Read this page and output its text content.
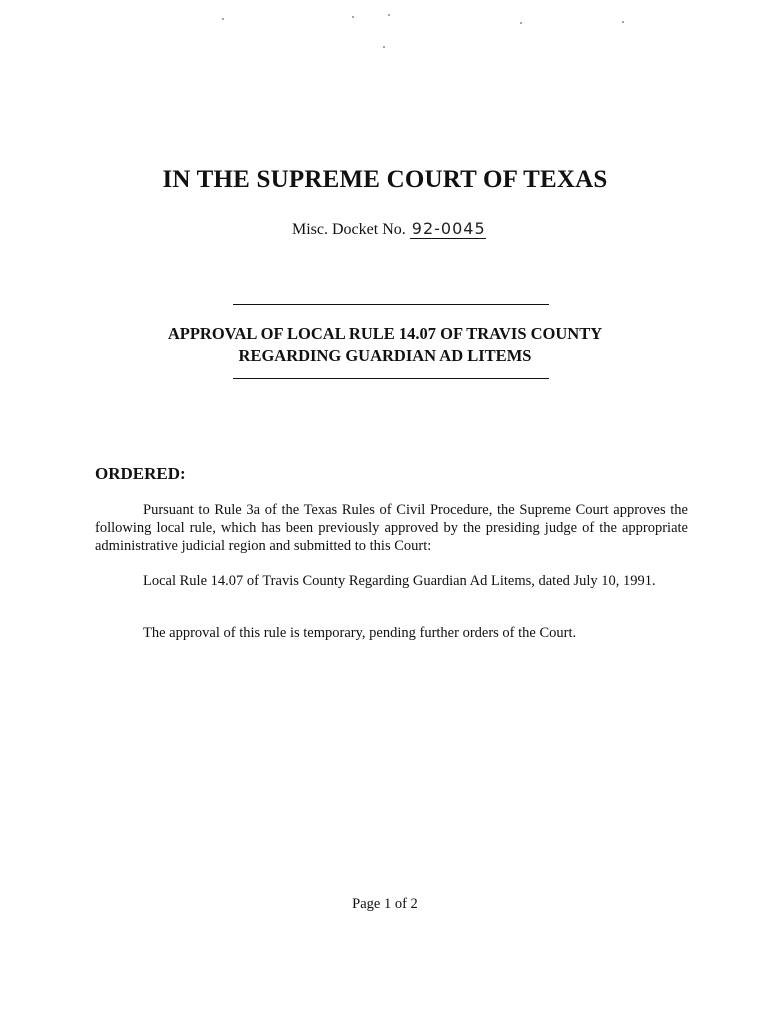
IN THE SUPREME COURT OF TEXAS
Misc. Docket No. 92-0045
APPROVAL OF LOCAL RULE 14.07 OF TRAVIS COUNTY
REGARDING GUARDIAN AD LITEMS
ORDERED:
Pursuant to Rule 3a of the Texas Rules of Civil Procedure, the Supreme Court approves the following local rule, which has been previously approved by the presiding judge of the appropriate administrative judicial region and submitted to this Court:
Local Rule 14.07 of Travis County Regarding Guardian Ad Litems, dated July 10, 1991.
The approval of this rule is temporary, pending further orders of the Court.
Page 1 of 2
